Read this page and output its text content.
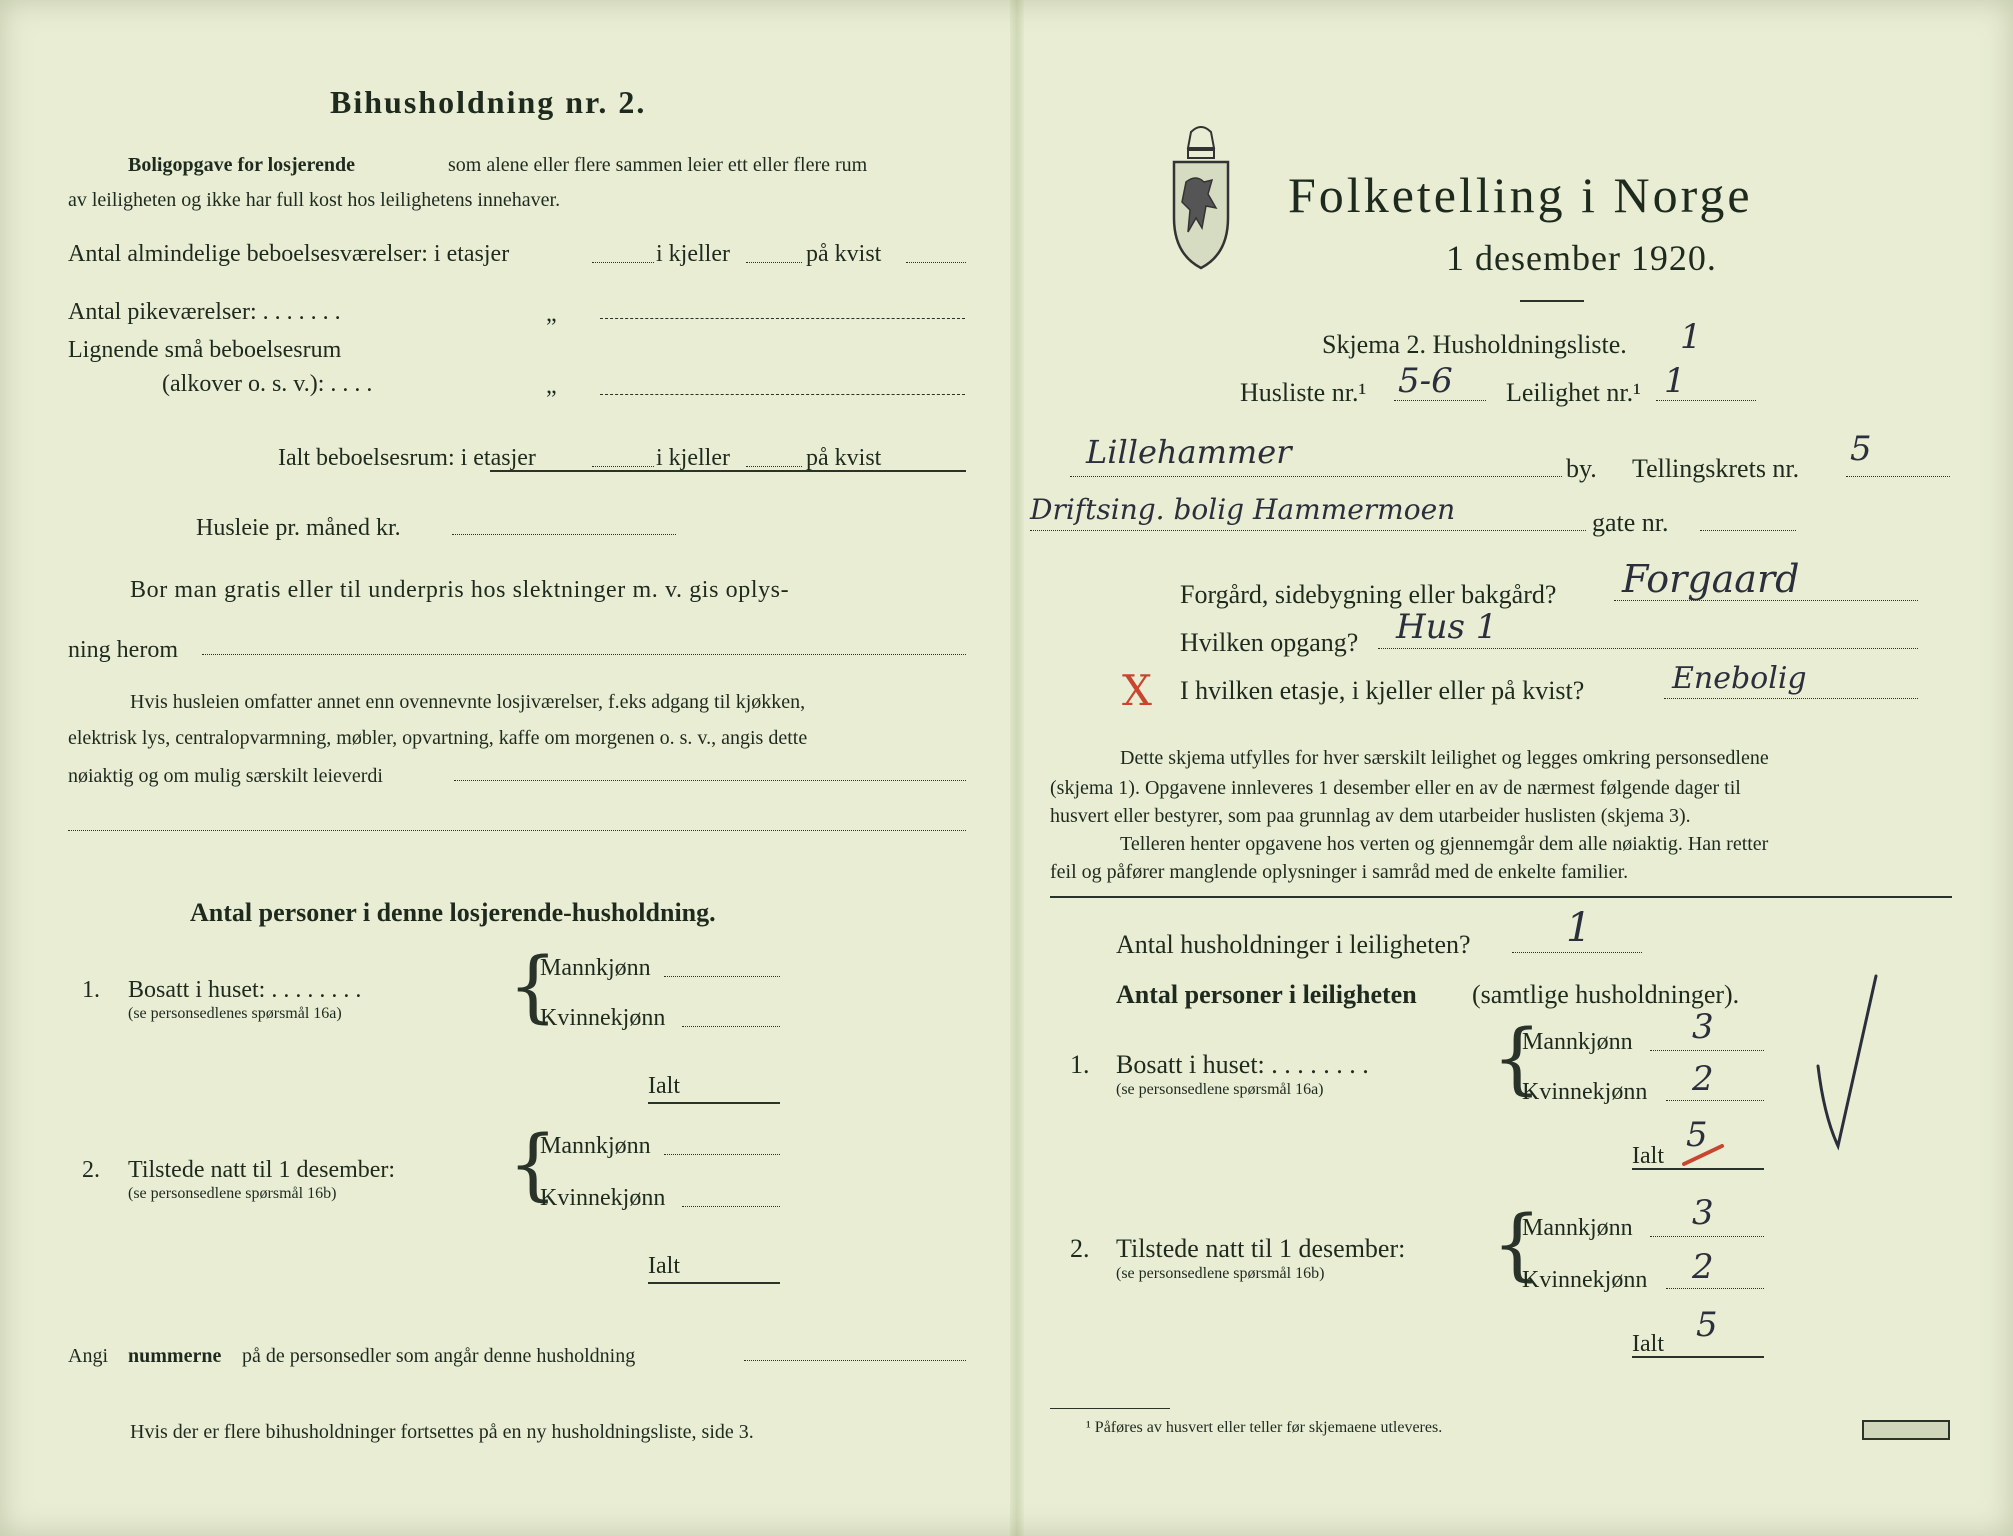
Bihusholdning nr. 2.
Boligopgave for losjerende	som alene eller flere sammen leier ett eller flere rum
av leiligheten og ikke har full kost hos leilighetens innehaver.
Antal almindelige beboelsesværelser: i etasjer	i kjeller	på kvist
Antal pikeværelser: . . . . . . .	„
Lignende små beboelsesrum
(alkover o. s. v.): . . . .	„
Ialt beboelsesrum: i etasjer	i kjeller	på kvist
Husleie pr. måned kr.
Bor man gratis eller til underpris hos slektninger m. v. gis oplys-
ning herom
Hvis husleien omfatter annet enn ovennevnte losjiværelser, f.eks adgang til kjøkken,
elektrisk lys, centralopvarmning, møbler, opvartning, kaffe om morgenen o. s. v., angis dette
nøiaktig og om mulig særskilt leieverdi
Antal personer i denne losjerende-husholdning.
1. Bosatt i huset: . . . . . . . .
(se personsedlenes spørsmål 16a) {
Mannkjønn
Kvinnekjønn
Ialt
2. Tilstede natt til 1 desember:
(se personsedlene spørsmål 16b) {
Mannkjønn
Kvinnekjønn
Ialt
Angi nummerne på de personsedler som angår denne husholdning
Hvis der er flere bihusholdninger fortsettes på en ny husholdningsliste, side 3.
Folketelling i Norge
1 desember 1920.
Skjema 2. Husholdningsliste. 1
Husliste nr.¹ 5-6 Leilighet nr.¹ 1
Lillehammer	by. Tellingskrets nr. 5
Driftsing. bolig Hammermoen	gate nr.
Forgård, sidebygning eller bakgård? Forgaard
Hvilken opgang? Hus 1
X I hvilken etasje, i kjeller eller på kvist?	Enebolig
Dette skjema utfylles for hver særskilt leilighet og legges omkring personsedlene
(skjema 1). Opgavene innleveres 1 desember eller en av de nærmest følgende dager til
husvert eller bestyrer, som paa grunnlag av dem utarbeider huslisten (skjema 3).
Telleren henter opgavene hos verten og gjennemgår dem alle nøiaktig. Han retter
feil og påfører manglende oplysninger i samråd med de enkelte familier.
Antal husholdninger i leiligheten? 1
Antal personer i leiligheten (samtlige husholdninger).
1. Bosatt i huset: . . . . . . . .
(se personsedlene spørsmål 16a) {
Mannkjønn 3
Kvinnekjønn 2
Ialt
5
2. Tilstede natt til 1 desember:
(se personsedlene spørsmål 16b) {
Mannkjønn 3
Kvinnekjønn 2
Ialt 5
¹ Påføres av husvert eller teller før skjemaene utleveres.
